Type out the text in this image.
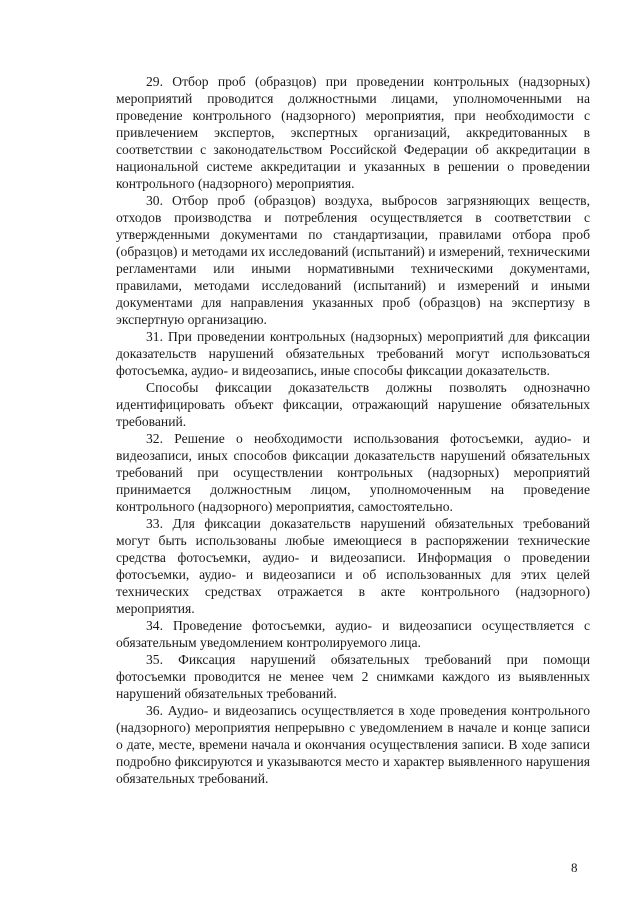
29. Отбор проб (образцов) при проведении контрольных (надзорных) мероприятий проводится должностными лицами, уполномоченными на проведение контрольного (надзорного) мероприятия, при необходимости с привлечением экспертов, экспертных организаций, аккредитованных в соответствии с законодательством Российской Федерации об аккредитации в национальной системе аккредитации и указанных в решении о проведении контрольного (надзорного) мероприятия.

30. Отбор проб (образцов) воздуха, выбросов загрязняющих веществ, отходов производства и потребления осуществляется в соответствии с утвержденными документами по стандартизации, правилами отбора проб (образцов) и методами их исследований (испытаний) и измерений, техническими регламентами или иными нормативными техническими документами, правилами, методами исследований (испытаний) и измерений и иными документами для направления указанных проб (образцов) на экспертизу в экспертную организацию.

31. При проведении контрольных (надзорных) мероприятий для фиксации доказательств нарушений обязательных требований могут использоваться фотосъемка, аудио- и видеозапись, иные способы фиксации доказательств.

Способы фиксации доказательств должны позволять однозначно идентифицировать объект фиксации, отражающий нарушение обязательных требований.

32. Решение о необходимости использования фотосъемки, аудио- и видеозаписи, иных способов фиксации доказательств нарушений обязательных требований при осуществлении контрольных (надзорных) мероприятий принимается должностным лицом, уполномоченным на проведение контрольного (надзорного) мероприятия, самостоятельно.

33. Для фиксации доказательств нарушений обязательных требований могут быть использованы любые имеющиеся в распоряжении технические средства фотосъемки, аудио- и видеозаписи. Информация о проведении фотосъемки, аудио- и видеозаписи и об использованных для этих целей технических средствах отражается в акте контрольного (надзорного) мероприятия.

34. Проведение фотосъемки, аудио- и видеозаписи осуществляется с обязательным уведомлением контролируемого лица.

35. Фиксация нарушений обязательных требований при помощи фотосъемки проводится не менее чем 2 снимками каждого из выявленных нарушений обязательных требований.

36. Аудио- и видеозапись осуществляется в ходе проведения контрольного (надзорного) мероприятия непрерывно с уведомлением в начале и конце записи о дате, месте, времени начала и окончания осуществления записи. В ходе записи подробно фиксируются и указываются место и характер выявленного нарушения обязательных требований.

8
